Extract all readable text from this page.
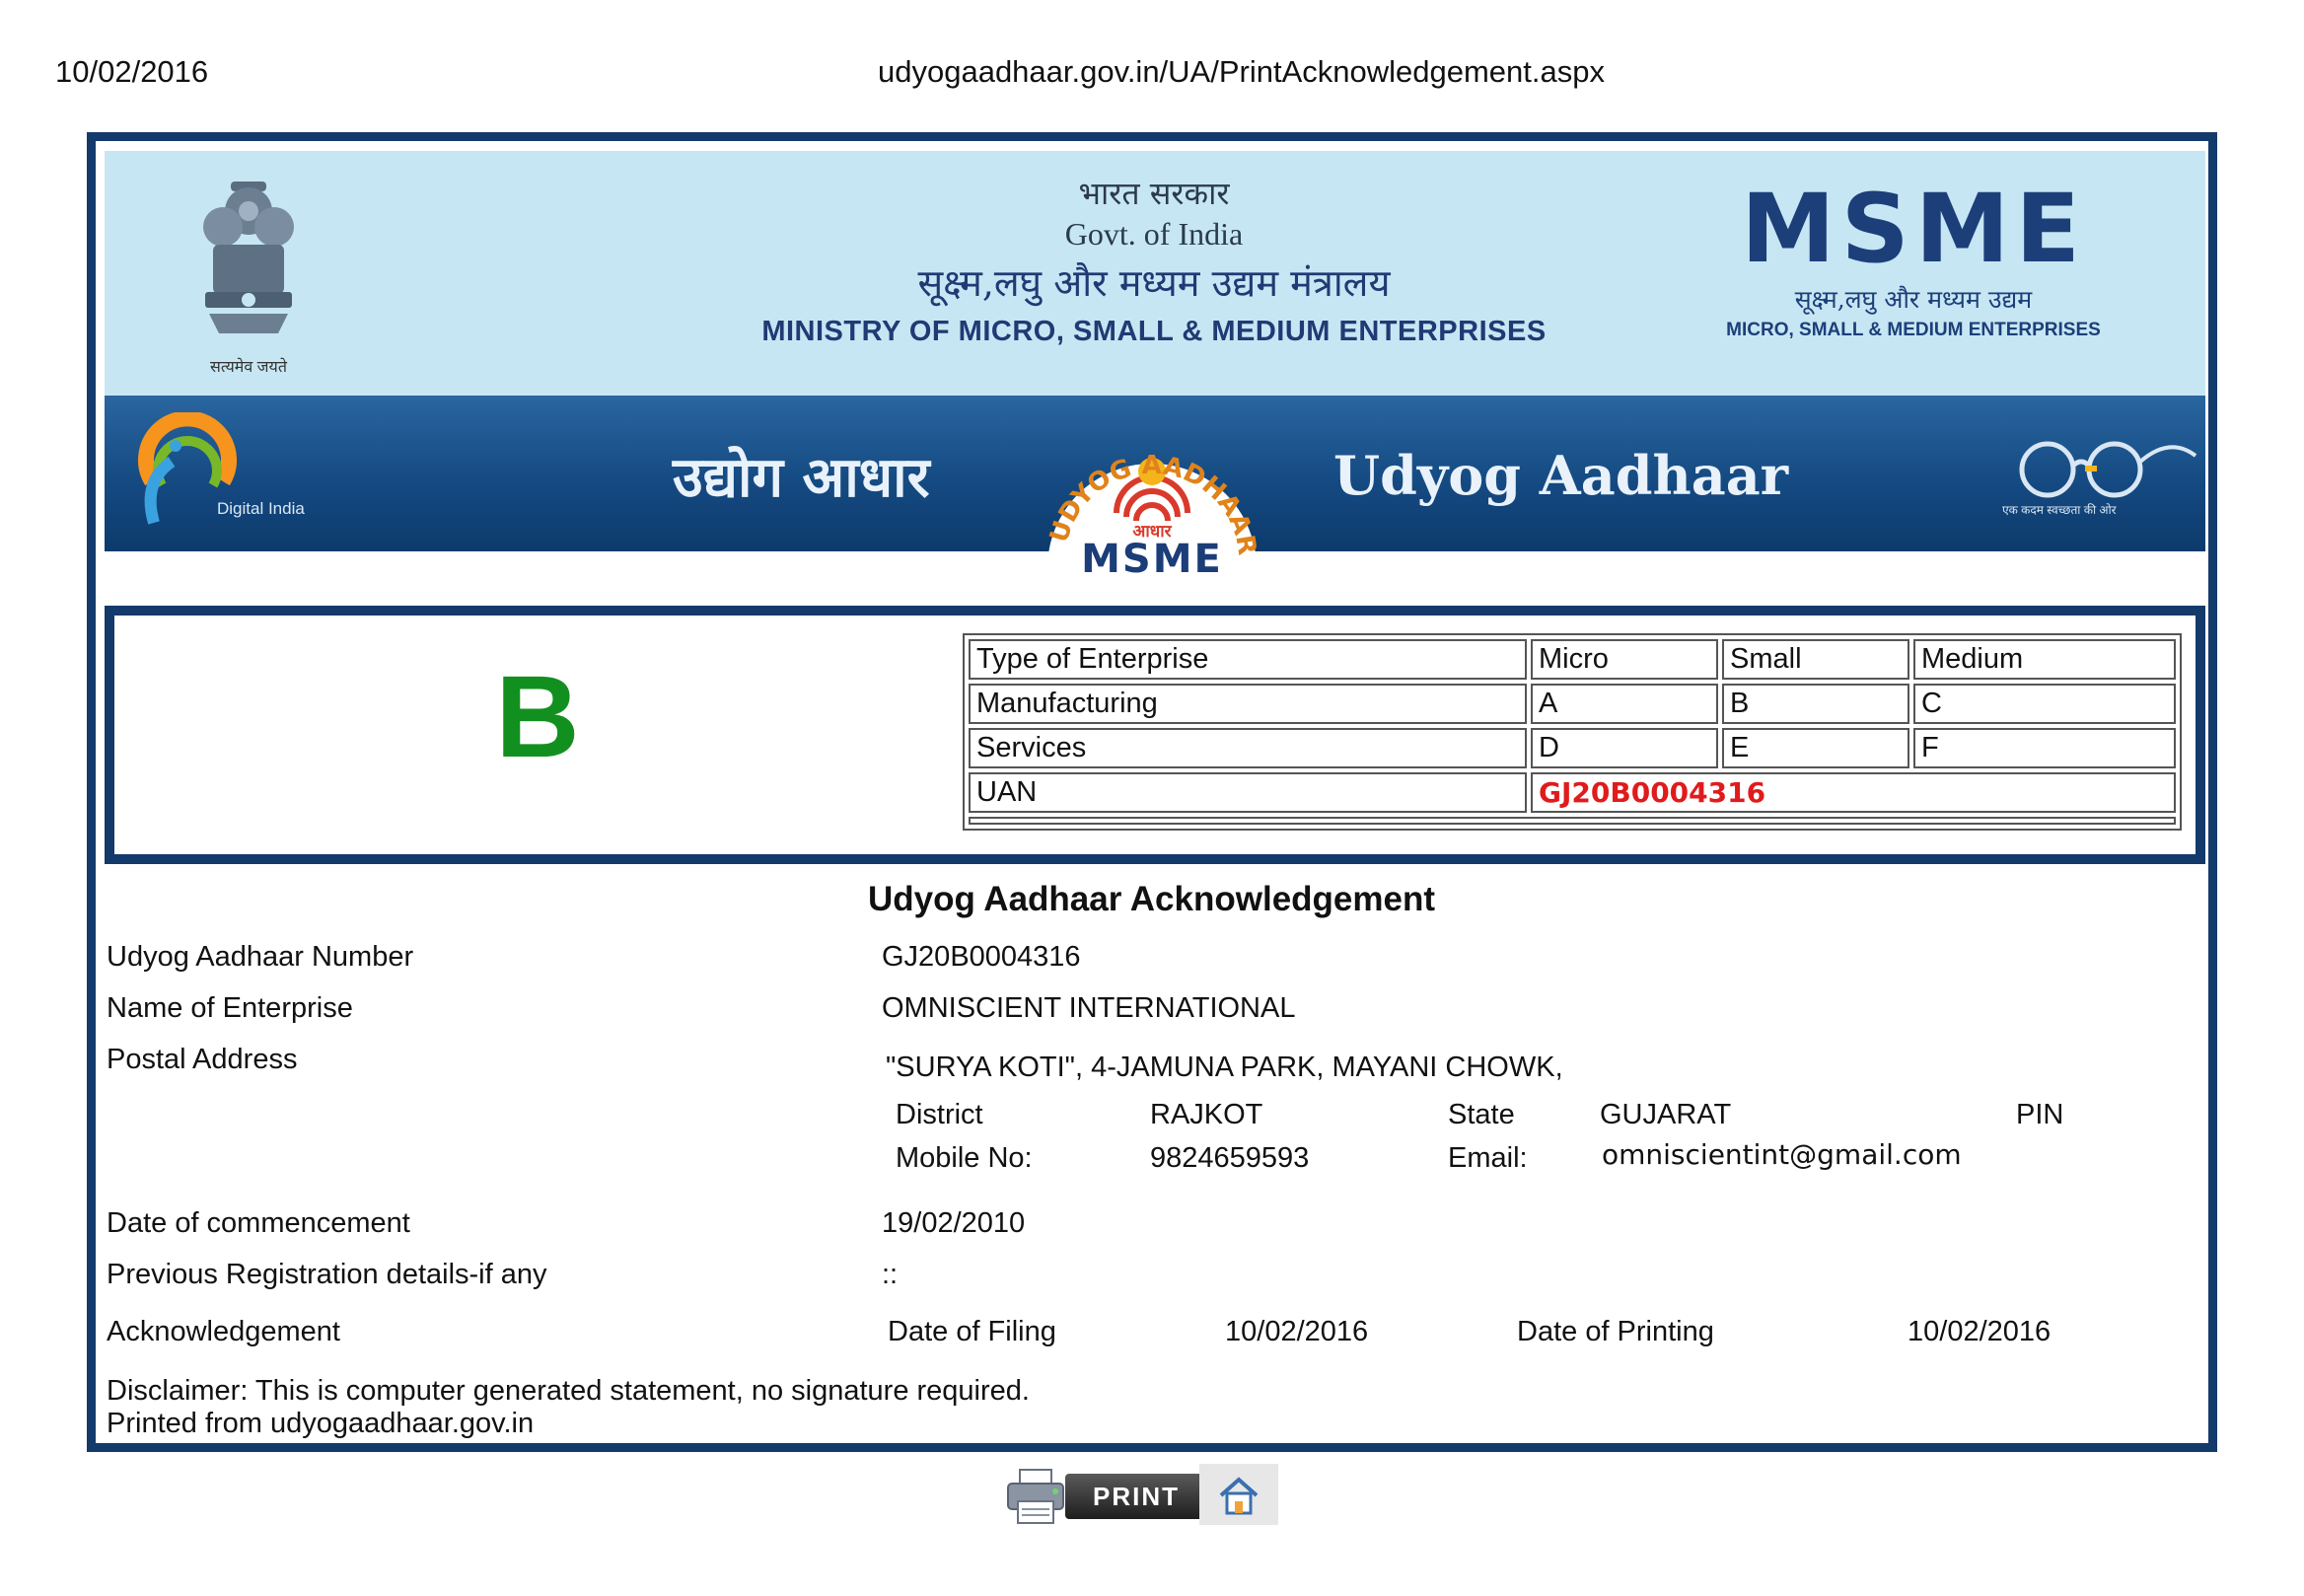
10/02/2016	udyogaadhaar.gov.in/UA/PrintAcknowledgement.aspx
सत्यमेव जयते
भारत सरकार
Govt. of India
सूक्ष्म,लघु और मध्यम उद्यम मंत्रालय
MINISTRY OF MICRO, SMALL & MEDIUM ENTERPRISES
MSME
सूक्ष्म,लघु और मध्यम उद्यम
MICRO, SMALL & MEDIUM ENTERPRISES
Digital India	उद्योग आधार
UDYOG AADHAAR
आधार
MSME
Udyog Aadhaar
एक कदम स्वच्छता की ओर
B	Type of Enterprise	Micro	Small	Medium
Manufacturing	A	B	C
Services	D	E	F
UAN	GJ20B0004316		

Udyog Aadhaar Acknowledgement
Udyog Aadhaar Number	GJ20B0004316
Name of Enterprise	OMNISCIENT INTERNATIONAL
Postal Address	"SURYA KOTI", 4-JAMUNA PARK, MAYANI CHOWK,
District	RAJKOT	State	GUJARAT	PIN
Mobile No:	9824659593	Email:	omniscientint@gmail.com
Date of commencement	19/02/2010
Previous Registration details-if any	::
Acknowledgement	Date of Filing	10/02/2016	Date of Printing	10/02/2016
Disclaimer: This is computer generated statement, no signature required.
Printed from udyogaadhaar.gov.in
PRINT
